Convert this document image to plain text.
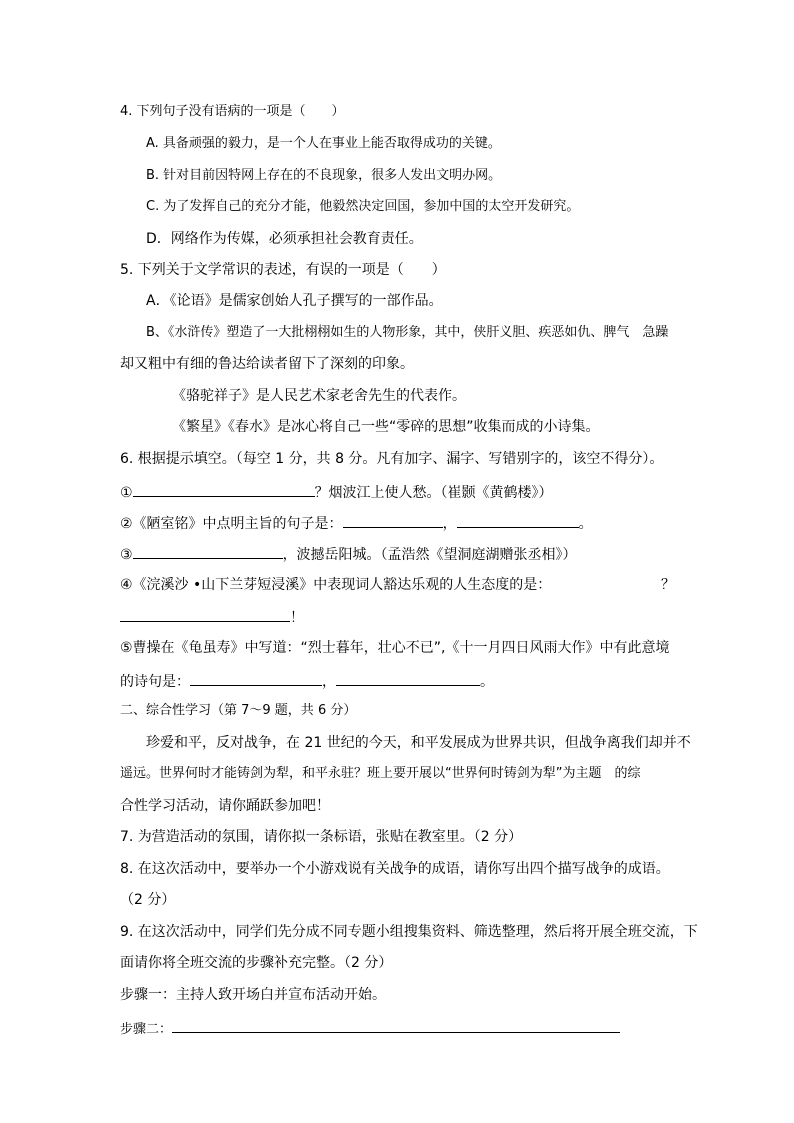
4. 下列句子没有语病的一项是（　　）
A. 具备顽强的毅力，是一个人在事业上能否取得成功的关键。
B. 针对目前因特网上存在的不良现象，很多人发出文明办网。
C. 为了发挥自己的充分才能，他毅然决定回国，参加中国的太空开发研究。
D．网络作为传媒，必须承担社会教育责任。
5. 下列关于文学常识的表述，有误的一项是（　　）
A．《论语》是儒家创始人孔子撰写的一部作品。
B、《水浒传》塑造了一大批栩栩如生的人物形象，其中，侠肝义胆、疾恶如仇、脾气　急躁
却又粗中有细的鲁达给读者留下了深刻的印象。
《骆驼祥子》是人民艺术家老舍先生的代表作。
《繁星》《春水》是冰心将自己一些“零碎的思想”收集而成的小诗集。
6. 根据提示填空。（每空 1 分，共 8 分。凡有加字、漏字、写错别字的，该空不得分）。
①	？烟波江上使人愁。（崔颢《黄鹤楼》）
②《陋室铭》中点明主旨的句子是：	，	。
③	，波撼岳阳城。（孟浩然《望洞庭湖赠张丞相》）
④《浣溪沙 •山下兰芽短浸溪》中表现词人豁达乐观的人生态度的是：	？
！
⑤曹操在《龟虽寿》中写道：“烈士暮年，壮心不已”,《十一月四日风雨大作》中有此意境
的诗句是：	，	。
二、综合性学习（第 7～9 题，共 6 分）
珍爱和平，反对战争，在 21 世纪的今天，和平发展成为世界共识，但战争离我们却并不
遥远。世界何时才能铸剑为犁，和平永驻？班上要开展以“世界何时铸剑为犁”为主题　的综
合性学习活动，请你踊跃参加吧！
7. 为营造活动的氛围，请你拟一条标语，张贴在教室里。（2 分）
8. 在这次活动中，要举办一个小游戏说有关战争的成语，请你写出四个描写战争的成语。
（2 分）
9. 在这次活动中，同学们先分成不同专题小组搜集资料、筛选整理，然后将开展全班交流，下
面请你将全班交流的步骤补充完整。（2 分）
步骤一：主持人致开场白并宣布活动开始。
步骤二：
